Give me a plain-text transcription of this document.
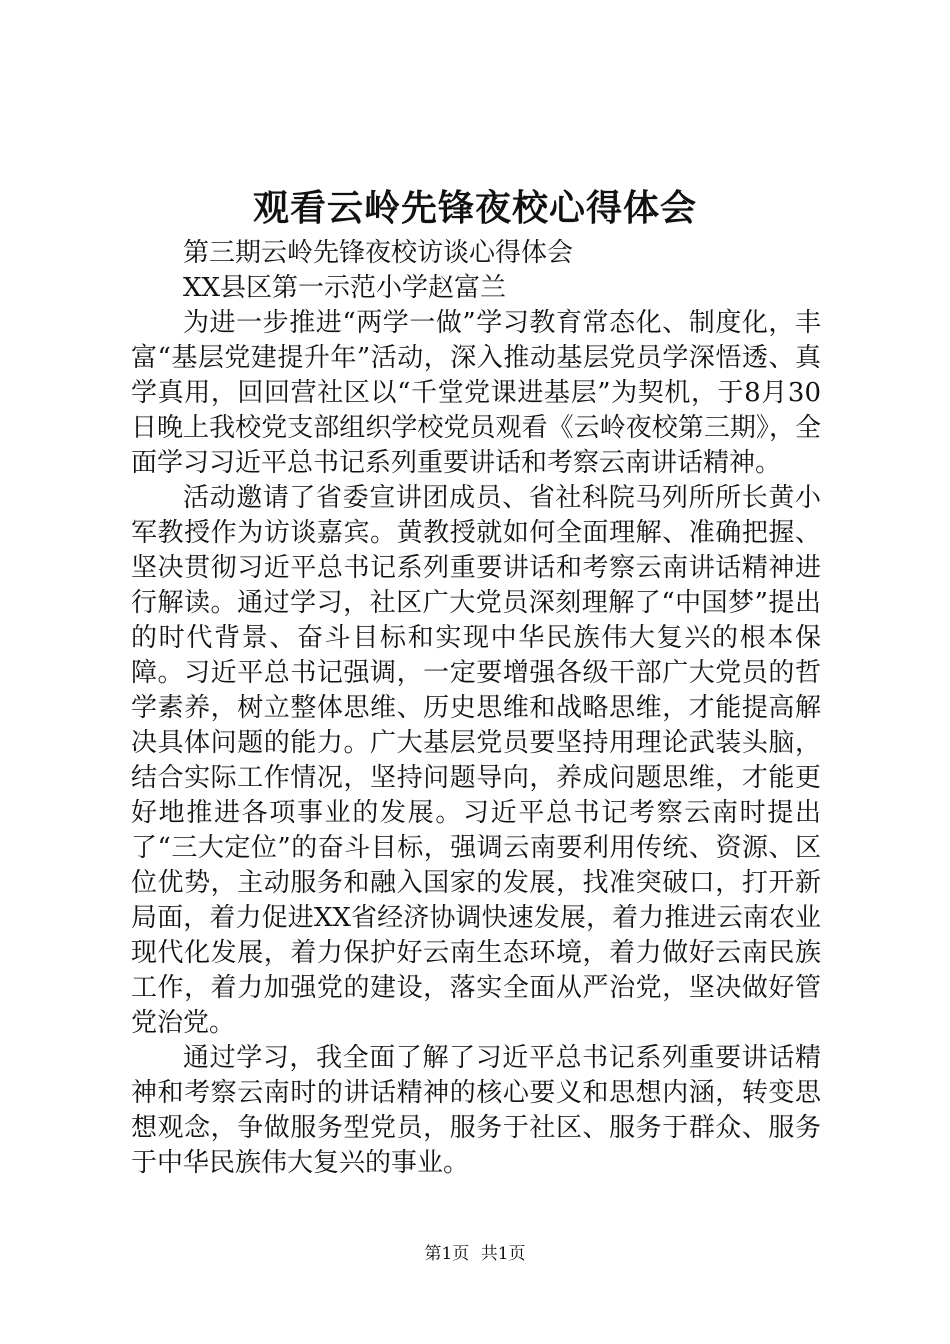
观看云岭先锋夜校心得体会

第三期云岭先锋夜校访谈心得体会

XX县区第一示范小学赵富兰

为进一步推进“两学一做”学习教育常态化、制度化，丰富“基层党建提升年”活动，深入推动基层党员学深悟透、真学真用，回回营社区以“千堂党课进基层”为契机，于8月30日晚上我校党支部组织学校党员观看《云岭夜校第三期》，全面学习习近平总书记系列重要讲话和考察云南讲话精神。

活动邀请了省委宣讲团成员、省社科院马列所所长黄小军教授作为访谈嘉宾。黄教授就如何全面理解、准确把握、坚决贯彻习近平总书记系列重要讲话和考察云南讲话精神进行解读。通过学习，社区广大党员深刻理解了“中国梦”提出的时代背景、奋斗目标和实现中华民族伟大复兴的根本保障。习近平总书记强调，一定要增强各级干部广大党员的哲学素养，树立整体思维、历史思维和战略思维，才能提高解决具体问题的能力。广大基层党员要坚持用理论武装头脑，结合实际工作情况，坚持问题导向，养成问题思维，才能更好地推进各项事业的发展。习近平总书记考察云南时提出了“三大定位”的奋斗目标，强调云南要利用传统、资源、区位优势，主动服务和融入国家的发展，找准突破口，打开新局面，着力促进XX省经济协调快速发展，着力推进云南农业现代化发展，着力保护好云南生态环境，着力做好云南民族工作，着力加强党的建设，落实全面从严治党，坚决做好管党治党。

通过学习，我全面了解了习近平总书记系列重要讲话精神和考察云南时的讲话精神的核心要义和思想内涵，转变思想观念，争做服务型党员，服务于社区、服务于群众、服务于中华民族伟大复兴的事业。

第1页 共1页
